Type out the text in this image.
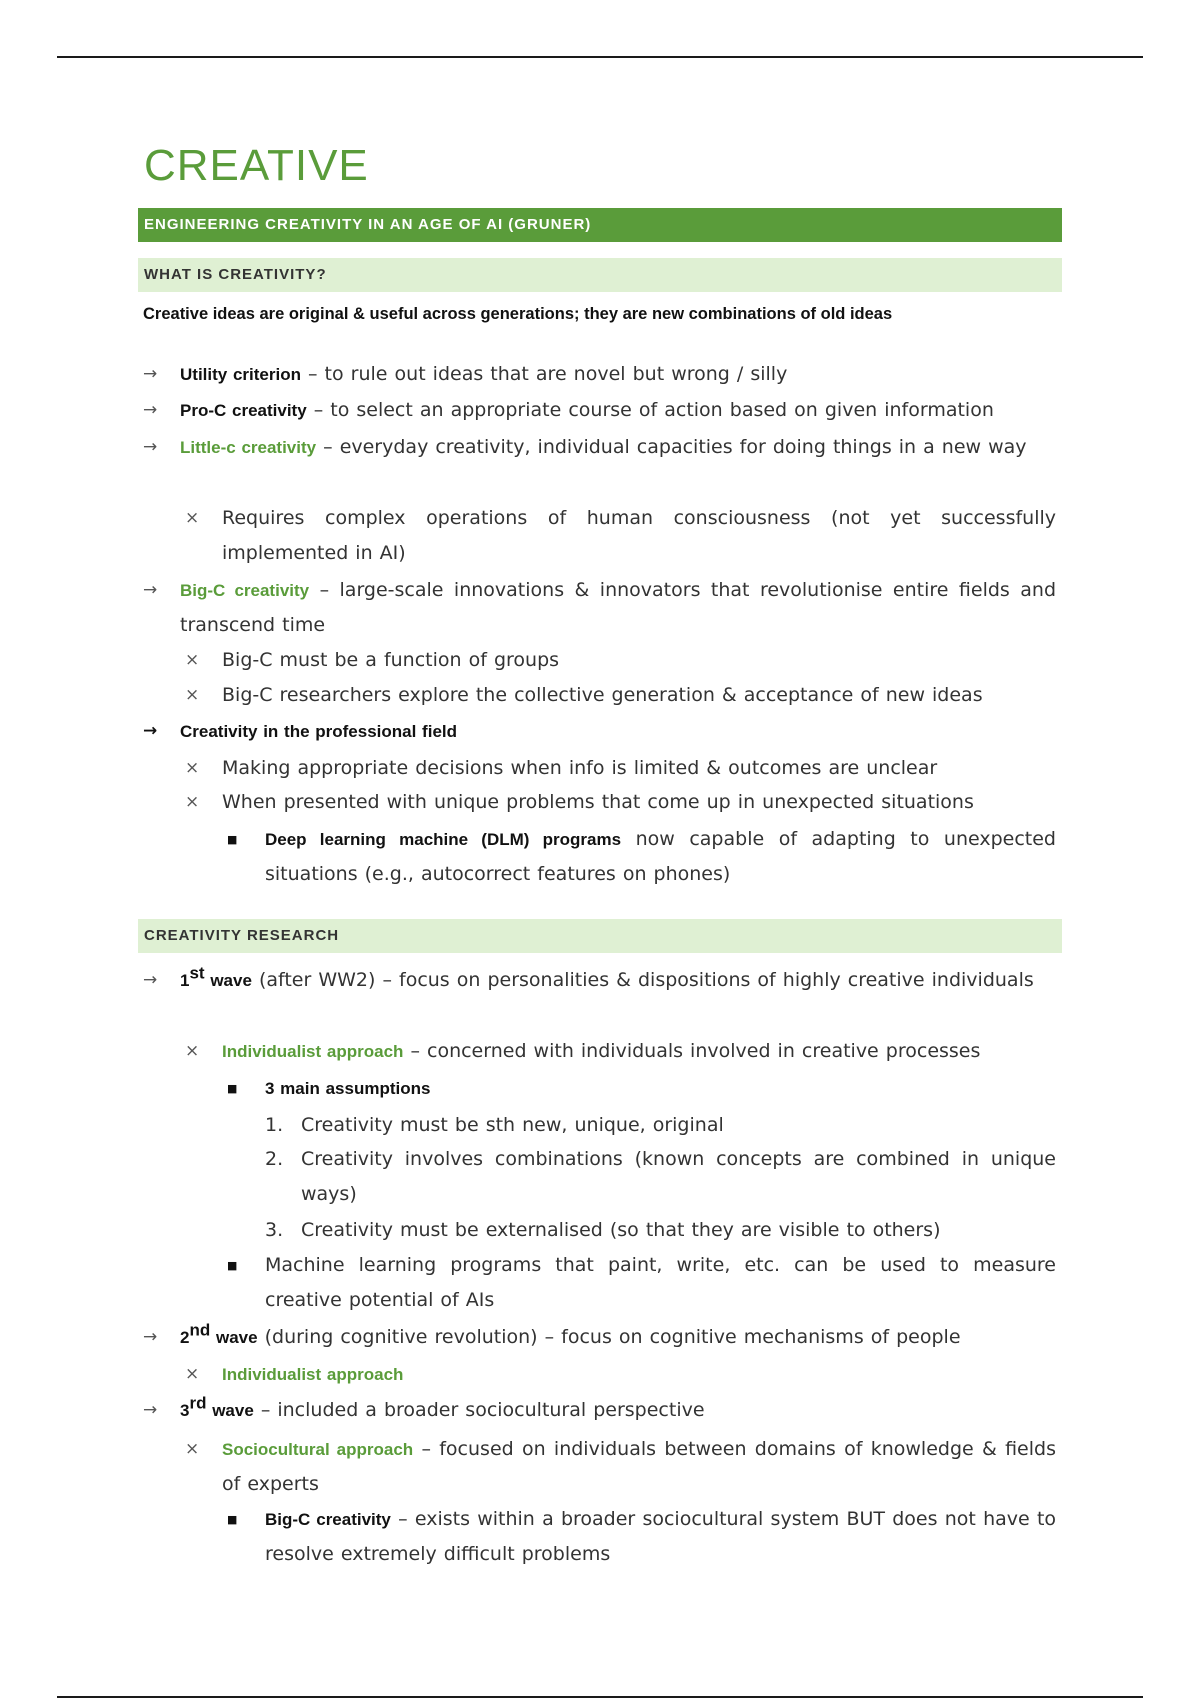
CREATIVE
ENGINEERING CREATIVITY IN AN AGE OF AI (GRUNER)
WHAT IS CREATIVITY?
Creative ideas are original & useful across generations; they are new combinations of old ideas
→ Utility criterion – to rule out ideas that are novel but wrong / silly
→ Pro-C creativity – to select an appropriate course of action based on given information
→ Little-c creativity – everyday creativity, individual capacities for doing things in a new way
× Requires complex operations of human consciousness (not yet successfully implemented in AI)
→ Big-C creativity – large-scale innovations & innovators that revolutionise entire fields and transcend time
× Big-C must be a function of groups
× Big-C researchers explore the collective generation & acceptance of new ideas
→ Creativity in the professional field
× Making appropriate decisions when info is limited & outcomes are unclear
× When presented with unique problems that come up in unexpected situations
■ Deep learning machine (DLM) programs now capable of adapting to unexpected situations (e.g., autocorrect features on phones)
CREATIVITY RESEARCH
→ 1st wave (after WW2) – focus on personalities & dispositions of highly creative individuals
× Individualist approach – concerned with individuals involved in creative processes
■ 3 main assumptions
1. Creativity must be sth new, unique, original
2. Creativity involves combinations (known concepts are combined in unique ways)
3. Creativity must be externalised (so that they are visible to others)
■ Machine learning programs that paint, write, etc. can be used to measure creative potential of AIs
→ 2nd wave (during cognitive revolution) – focus on cognitive mechanisms of people
× Individualist approach
→ 3rd wave – included a broader sociocultural perspective
× Sociocultural approach – focused on individuals between domains of knowledge & fields of experts
■ Big-C creativity – exists within a broader sociocultural system BUT does not have to resolve extremely difficult problems
